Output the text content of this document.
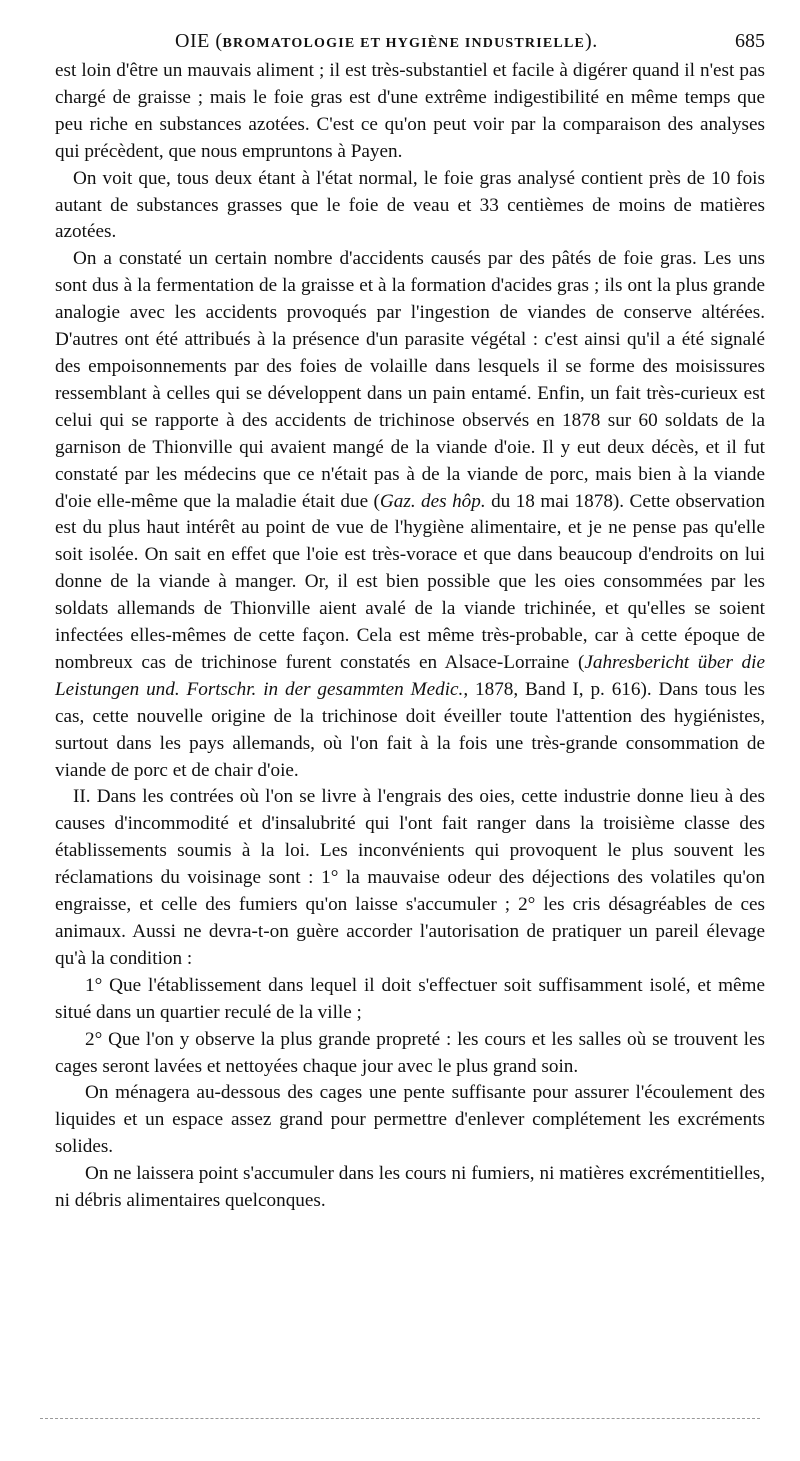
OIE (BROMATOLOGIE ET HYGIÈNE INDUSTRIELLE).	685

est loin d'être un mauvais aliment ; il est très-substantiel et facile à digérer quand il n'est pas chargé de graisse ; mais le foie gras est d'une extrême indigestibilité en même temps que peu riche en substances azotées. C'est ce qu'on peut voir par la comparaison des analyses qui précèdent, que nous empruntons à Payen.

On voit que, tous deux étant à l'état normal, le foie gras analysé contient près de 10 fois autant de substances grasses que le foie de veau et 33 centièmes de moins de matières azotées.

On a constaté un certain nombre d'accidents causés par des pâtés de foie gras. Les uns sont dus à la fermentation de la graisse et à la formation d'acides gras ; ils ont la plus grande analogie avec les accidents provoqués par l'ingestion de viandes de conserve altérées. D'autres ont été attribués à la présence d'un parasite végétal : c'est ainsi qu'il a été signalé des empoisonnements par des foies de volaille dans lesquels il se forme des moisissures ressemblant à celles qui se développent dans un pain entamé. Enfin, un fait très-curieux est celui qui se rapporte à des accidents de trichinose observés en 1878 sur 60 soldats de la garnison de Thionville qui avaient mangé de la viande d'oie. Il y eut deux décès, et il fut constaté par les médecins que ce n'était pas à de la viande de porc, mais bien à la viande d'oie elle-même que la maladie était due (Gaz. des hôp. du 18 mai 1878). Cette observation est du plus haut intérêt au point de vue de l'hygiène alimentaire, et je ne pense pas qu'elle soit isolée. On sait en effet que l'oie est très-vorace et que dans beaucoup d'endroits on lui donne de la viande à manger. Or, il est bien possible que les oies consommées par les soldats allemands de Thionville aient avalé de la viande trichinée, et qu'elles se soient infectées elles-mêmes de cette façon. Cela est même très-probable, car à cette époque de nombreux cas de trichinose furent constatés en Alsace-Lorraine (Jahresbericht über die Leistungen und. Fortschr. in der gesammten Medic., 1878, Band I, p. 616). Dans tous les cas, cette nouvelle origine de la trichinose doit éveiller toute l'attention des hygiénistes, surtout dans les pays allemands, où l'on fait à la fois une très-grande consommation de viande de porc et de chair d'oie.

II. Dans les contrées où l'on se livre à l'engrais des oies, cette industrie donne lieu à des causes d'incommodité et d'insalubrité qui l'ont fait ranger dans la troisième classe des établissements soumis à la loi. Les inconvénients qui provoquent le plus souvent les réclamations du voisinage sont : 1° la mauvaise odeur des déjections des volatiles qu'on engraisse, et celle des fumiers qu'on laisse s'accumuler ; 2° les cris désagréables de ces animaux. Aussi ne devra-t-on guère accorder l'autorisation de pratiquer un pareil élevage qu'à la condition :

1° Que l'établissement dans lequel il doit s'effectuer soit suffisamment isolé, et même situé dans un quartier reculé de la ville ;

2° Que l'on y observe la plus grande propreté : les cours et les salles où se trouvent les cages seront lavées et nettoyées chaque jour avec le plus grand soin.

On ménagera au-dessous des cages une pente suffisante pour assurer l'écoulement des liquides et un espace assez grand pour permettre d'enlever complétement les excréments solides.

On ne laissera point s'accumuler dans les cours ni fumiers, ni matières excrémentitielles, ni débris alimentaires quelconques.
